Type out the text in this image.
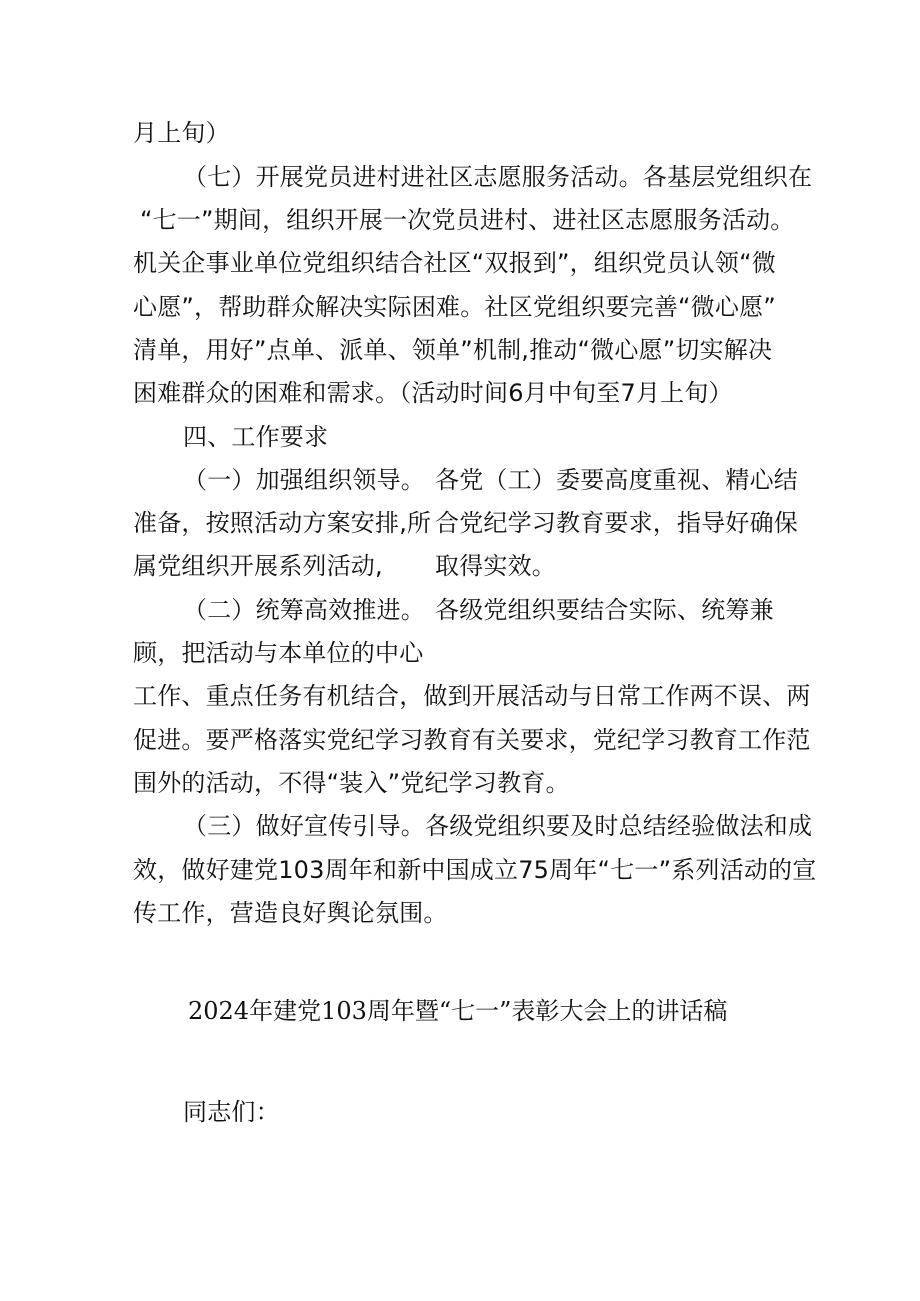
月上旬）
（七）开展党员进村进社区志愿服务活动。各基层党组织在
“七一”期间，组织开展一次党员进村、进社区志愿服务活动。
机关企事业单位党组织结合社区“双报到”，组织党员认领“微
心愿”，帮助群众解决实际困难。社区党组织要完善“微心愿”
清单，用好”点单、派单、领单”机制,推动“微心愿”切实解决
困难群众的困难和需求。（活动时间6月中旬至7月上旬）
四、工作要求
（一）加强组织领导。 各党（工）委要高度重视、精心结
准备，按照活动方案安排,所 合党纪学习教育要求，指导好确保
属党组织开展系列活动, 取得实效。
（二）统筹高效推进。 各级党组织要结合实际、统筹兼
顾，把活动与本单位的中心
工作、重点任务有机结合，做到开展活动与日常工作两不误、两
促进。要严格落实党纪学习教育有关要求，党纪学习教育工作范
围外的活动，不得“装入”党纪学习教育。
（三）做好宣传引导。各级党组织要及时总结经验做法和成
效，做好建党103周年和新中国成立75周年“七一”系列活动的宣
传工作，营造良好舆论氛围。
2024年建党103周年暨“七一”表彰大会上的讲话稿
同志们：
